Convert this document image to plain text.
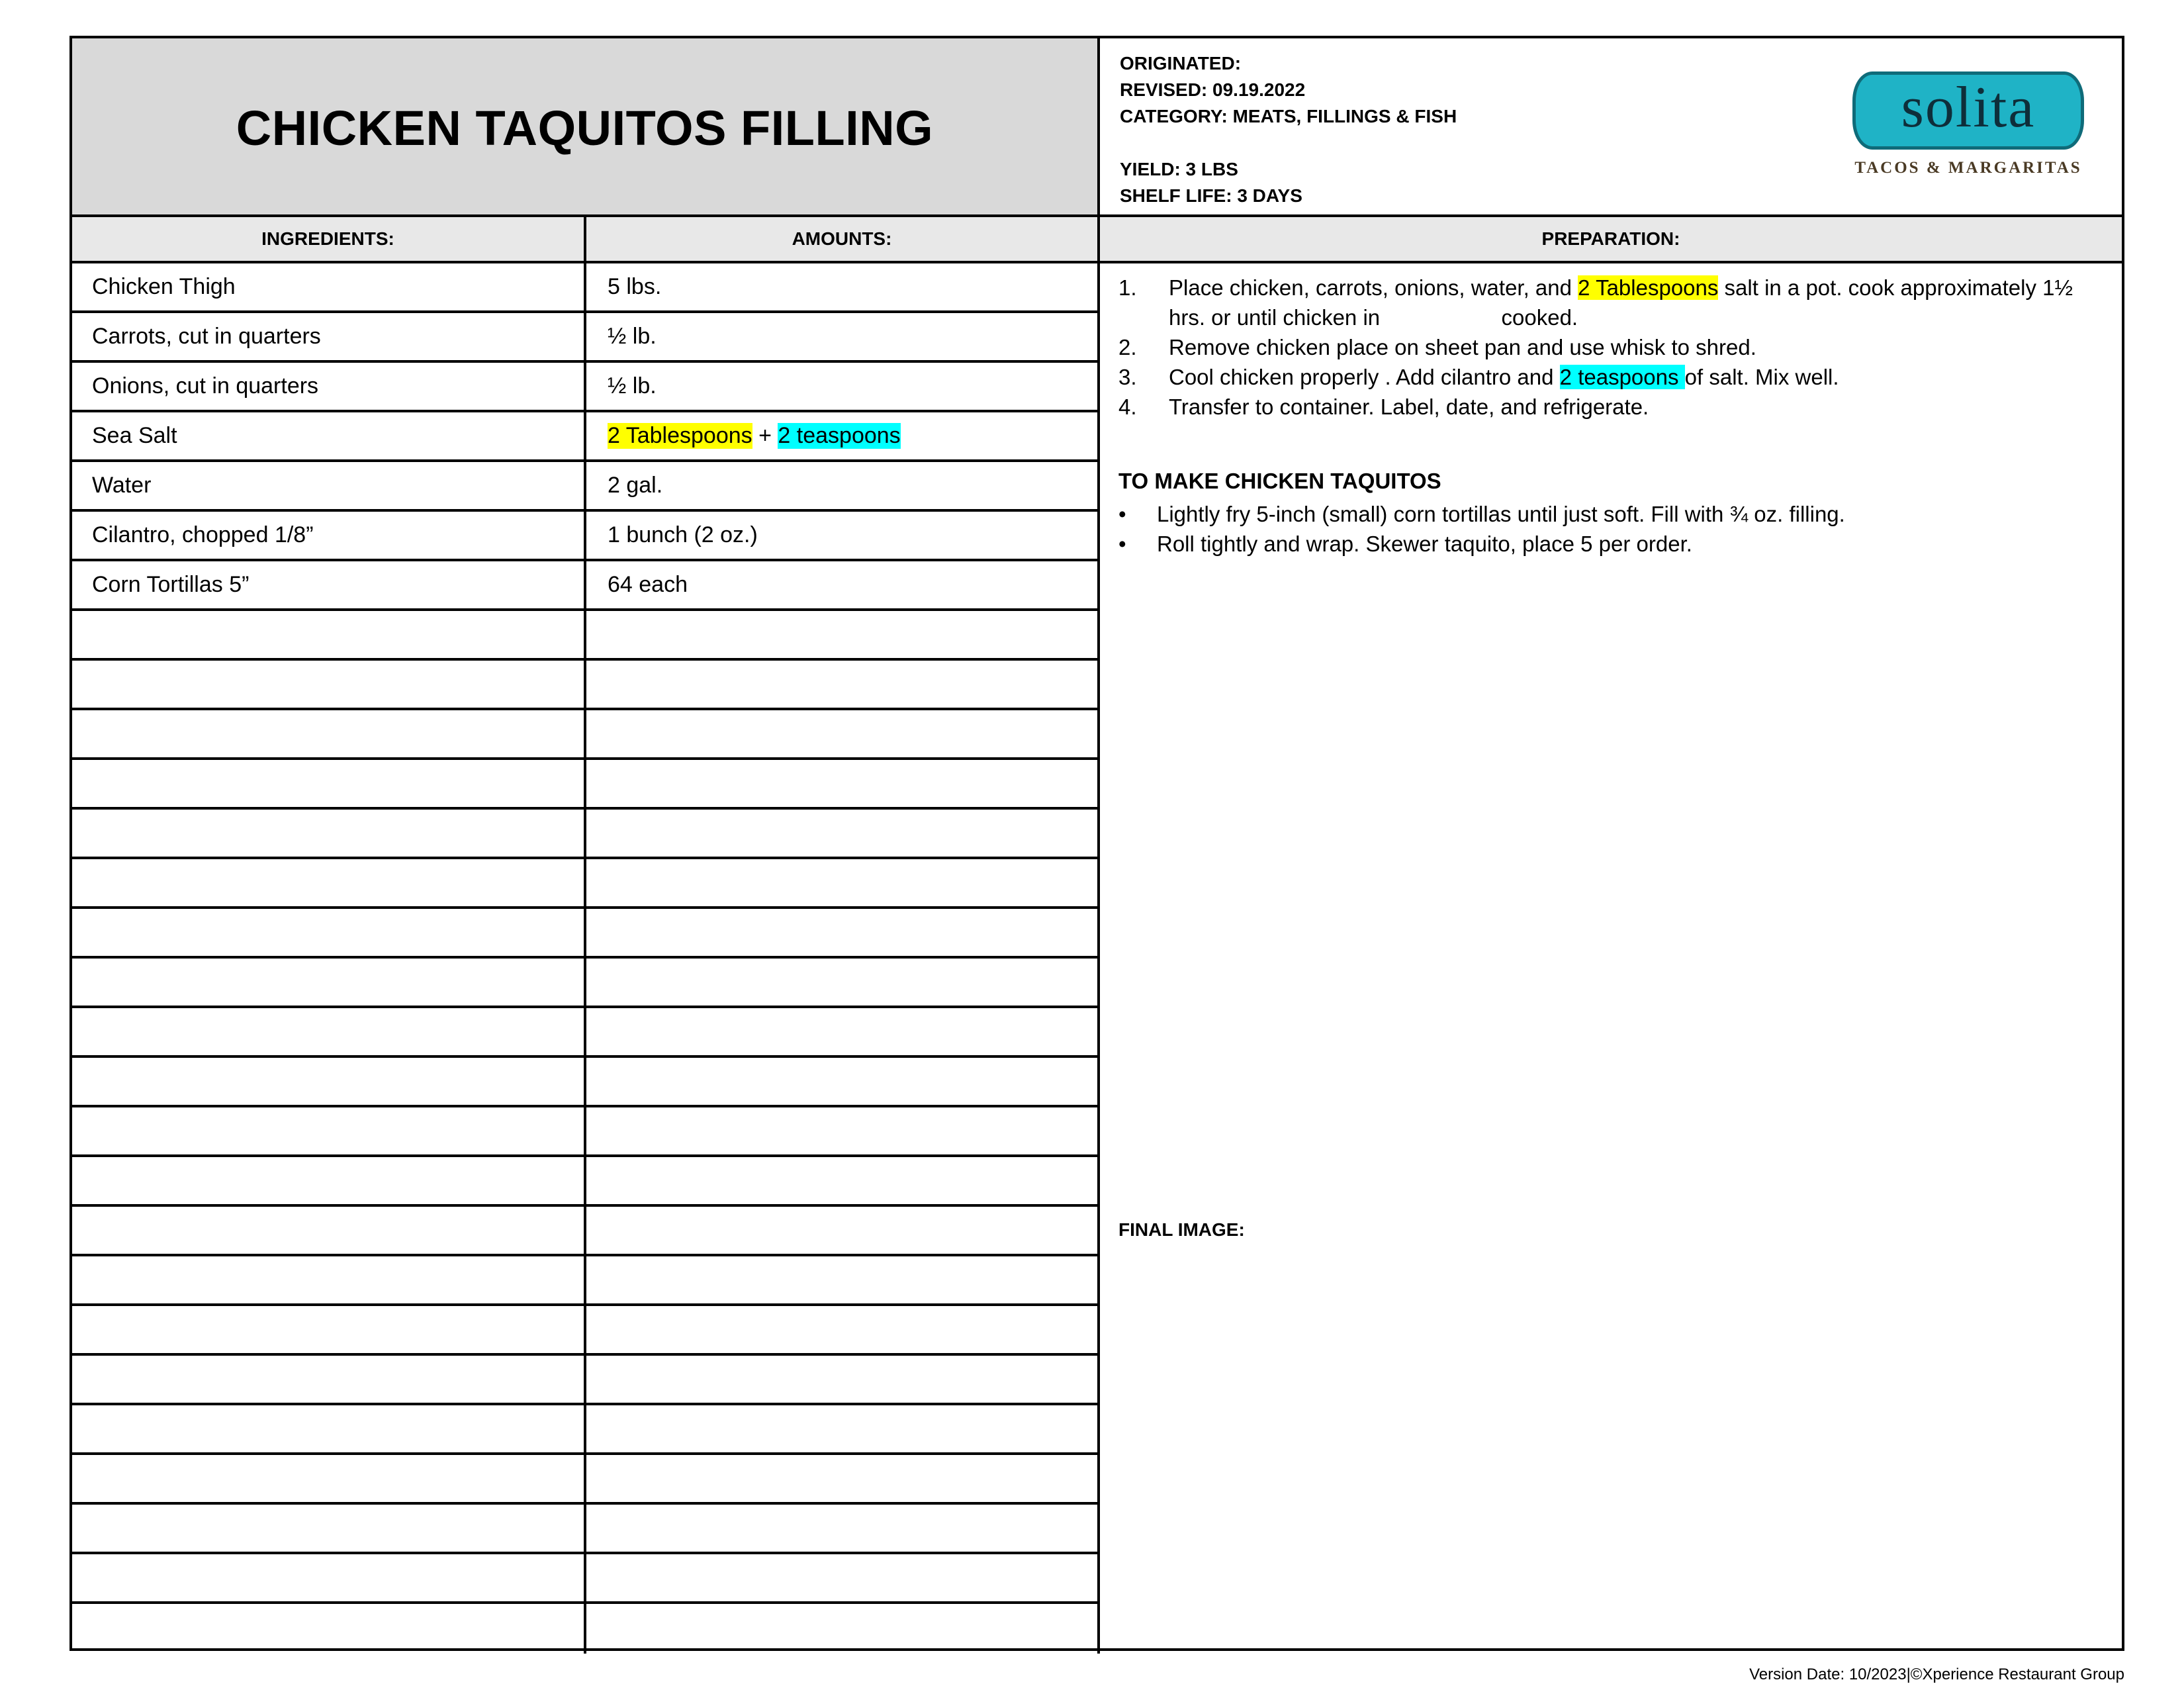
CHICKEN TAQUITOS FILLING
ORIGINATED:
REVISED: 09.19.2022
CATEGORY: MEATS, FILLINGS & FISH
YIELD: 3 LBS
SHELF LIFE: 3 DAYS
solita
TACOS & MARGARITAS
INGREDIENTS:	AMOUNTS:	PREPARATION:
Chicken Thigh	5 lbs.
Carrots, cut in quarters	½ lb.
Onions, cut in quarters	½ lb.
Sea Salt	2 Tablespoons + 2 teaspoons
Water	2 gal.
Cilantro, chopped 1/8”	1 bunch (2 oz.)
Corn Tortillas 5”	64 each
1. Place chicken, carrots, onions, water, and 2 Tablespoons salt in a pot. cook approximately 1½ hrs. or until chicken in                    cooked.
2. Remove chicken place on sheet pan and use whisk to shred.
3. Cool chicken properly . Add cilantro and 2 teaspoons of salt. Mix well.
4. Transfer to container. Label, date, and refrigerate.
TO MAKE CHICKEN TAQUITOS
• Lightly fry 5-inch (small) corn tortillas until just soft. Fill with ¾ oz. filling.
• Roll tightly and wrap. Skewer taquito, place 5 per order.
FINAL IMAGE:
Version Date: 10/2023|©Xperience Restaurant Group
